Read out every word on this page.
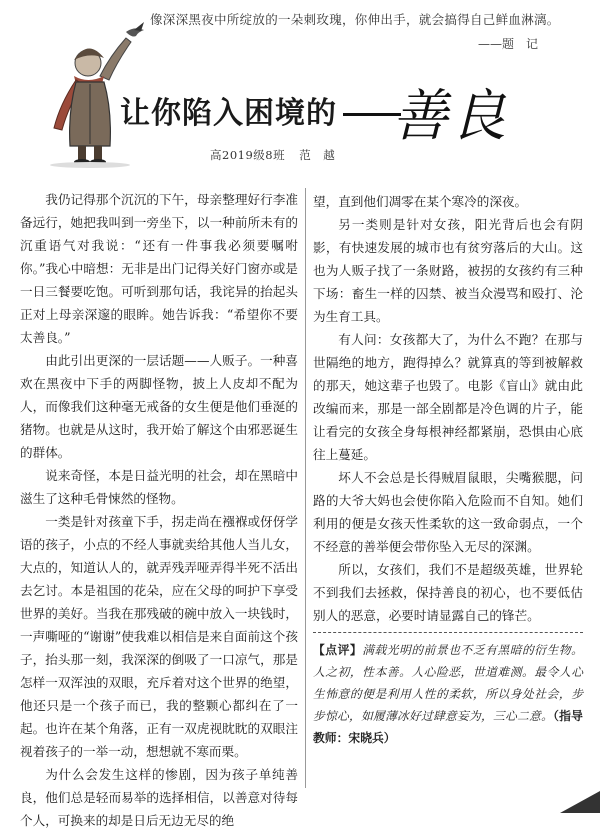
像深深黑夜中所绽放的一朵刺玫瑰，你伸出手，就会搞得自己鲜血淋漓。
——题　记
让你陷入困境的 善良
高2019级8班 范　越

我仍记得那个沉沉的下午，母亲整理好行李准备远行，她把我叫到一旁坐下，以一种前所未有的沉重语气对我说：“还有一件事我必须要嘱咐你。”我心中暗想：无非是出门记得关好门窗亦或是一日三餐要吃饱。可听到那句话，我诧异的抬起头正对上母亲深邃的眼眸。她告诉我：“希望你不要太善良。”

由此引出更深的一层话题——人贩子。一种喜欢在黑夜中下手的两脚怪物，披上人皮却不配为人，而像我们这种毫无戒备的女生便是他们垂涎的猪物。也就是从这时，我开始了解这个由邪恶诞生的群体。

说来奇怪，本是日益光明的社会，却在黑暗中滋生了这种毛骨悚然的怪物。

一类是针对孩童下手，拐走尚在襁褓或伢伢学语的孩子，小点的不经人事就卖给其他人当儿女，大点的，知道认人的，就弄残弄哑弄得半死不活出去乞讨。本是祖国的花朵，应在父母的呵护下享受世界的美好。当我在那残破的碗中放入一块钱时，一声嘶哑的“谢谢”使我难以相信是来自面前这个孩子，抬头那一刻，我深深的倒吸了一口凉气，那是怎样一双浑浊的双眼，充斥着对这个世界的绝望，他还只是一个孩子而已，我的整颗心都纠在了一起。也许在某个角落，正有一双虎视眈眈的双眼注视着孩子的一举一动，想想就不寒而栗。

为什么会发生这样的惨剧，因为孩子单纯善良，他们总是轻而易举的选择相信，以善意对待每个人，可换来的却是日后无边无尽的绝

望，直到他们凋零在某个寒冷的深夜。

另一类则是针对女孩，阳光背后也会有阴影，有快速发展的城市也有贫穷落后的大山。这也为人贩子找了一条财路，被拐的女孩约有三种下场：畜生一样的囚禁、被当众漫骂和殴打、沦为生育工具。

有人问：女孩都大了，为什么不跑？在那与世隔绝的地方，跑得掉么？就算真的等到被解救的那天，她这辈子也毁了。电影《盲山》就由此改编而来，那是一部全剧都是冷色调的片子，能让看完的女孩全身每根神经都紧崩，恐惧由心底往上蔓延。

坏人不会总是长得贼眉鼠眼，尖嘴猴腮，问路的大爷大妈也会使你陷入危险而不自知。她们利用的便是女孩天性柔软的这一致命弱点，一个不经意的善举便会带你坠入无尽的深渊。

所以，女孩们，我们不是超级英雄，世界轮不到我们去拯救，保持善良的初心，也不要低估别人的恶意，必要时请显露自己的锋芒。

【点评】满载光明的前景也不乏有黑暗的衍生物。人之初，性本善。人心险恶，世道难测。最令人心生怖意的便是利用人性的柔软，所以身处社会，步步惊心，如履薄冰好过肆意妄为，三心二意。（指导教师：宋晓兵）
